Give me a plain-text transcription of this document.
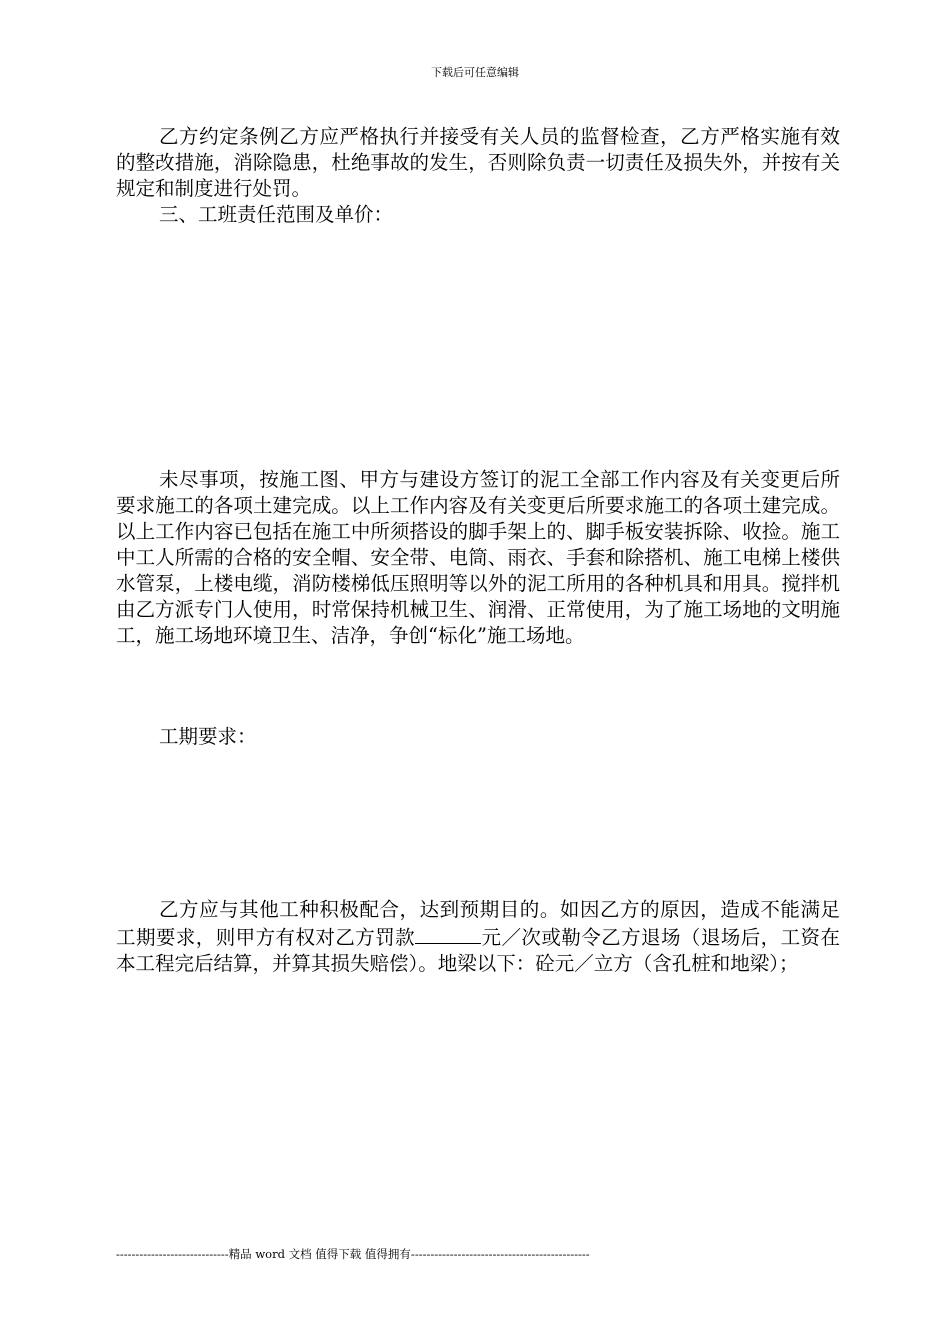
下载后可任意编辑

乙方约定条例乙方应严格执行并接受有关人员的监督检查，乙方严格实施有效的整改措施，消除隐患，杜绝事故的发生，否则除负责一切责任及损失外，并按有关规定和制度进行处罚。

三、工班责任范围及单价：

未尽事项，按施工图、甲方与建设方签订的泥工全部工作内容及有关变更后所要求施工的各项土建完成。以上工作内容及有关变更后所要求施工的各项土建完成。以上工作内容已包括在施工中所须搭设的脚手架上的、脚手板安装拆除、收捡。施工中工人所需的合格的安全帽、安全带、电筒、雨衣、手套和除搭机、施工电梯上楼供水管泵，上楼电缆，消防楼梯低压照明等以外的泥工所用的各种机具和用具。搅拌机由乙方派专门人使用，时常保持机械卫生、润滑、正常使用，为了施工场地的文明施工，施工场地环境卫生、洁净，争创“标化”施工场地。

工期要求：

乙方应与其他工种积极配合，达到预期目的。如因乙方的原因，造成不能满足工期要求，则甲方有权对乙方罚款	元／次或勒令乙方退场（退场后，工资在本工程完后结算，并算其损失赔偿）。地梁以下：砼元／立方（含孔桩和地梁）；

-----------------------------精品 word 文档 值得下载 值得拥有----------------------------------------------
